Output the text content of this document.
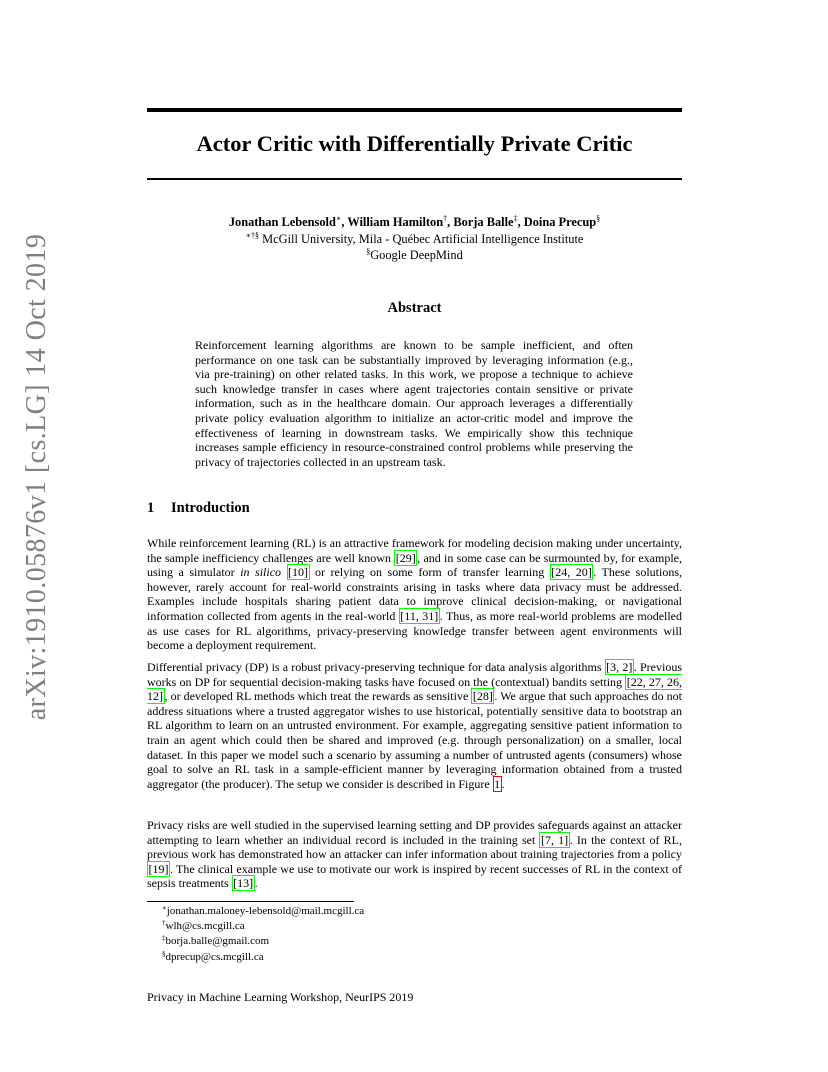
arXiv:1910.05876v1 [cs.LG] 14 Oct 2019
Actor Critic with Differentially Private Critic
Jonathan Lebensold∗, William Hamilton†, Borja Balle‡, Doina Precup§
∗†§ McGill University, Mila - Québec Artificial Intelligence Institute
§Google DeepMind
Abstract
Reinforcement learning algorithms are known to be sample inefficient, and often performance on one task can be substantially improved by leveraging information (e.g., via pre-training) on other related tasks. In this work, we propose a technique to achieve such knowledge transfer in cases where agent trajectories contain sensitive or private information, such as in the healthcare domain. Our approach leverages a differentially private policy evaluation algorithm to initialize an actor-critic model and improve the effectiveness of learning in downstream tasks. We empirically show this technique increases sample efficiency in resource-constrained control problems while preserving the privacy of trajectories collected in an upstream task.
1 Introduction
While reinforcement learning (RL) is an attractive framework for modeling decision making under uncertainty, the sample inefficiency challenges are well known [29] , and in some case can be surmounted by, for example, using a simulator in silico [10] or relying on some form of transfer learning [24, 20] . These solutions, however, rarely account for real-world constraints arising in tasks where data privacy must be addressed. Examples include hospitals sharing patient data to improve clinical decision-making, or navigational information collected from agents in the real-world [11, 31] . Thus, as more real-world problems are modelled as use cases for RL algorithms, privacy-preserving knowledge transfer between agent environments will become a deployment requirement.
Differential privacy (DP) is a robust privacy-preserving technique for data analysis algorithms [3, 2] . Previous works on DP for sequential decision-making tasks have focused on the (contextual) bandits setting [22, 27, 26, 12] , or developed RL methods which treat the rewards as sensitive [28] . We argue that such approaches do not address situations where a trusted aggregator wishes to use historical, potentially sensitive data to bootstrap an RL algorithm to learn on an untrusted environment. For example, aggregating sensitive patient information to train an agent which could then be shared and improved (e.g. through personalization) on a smaller, local dataset. In this paper we model such a scenario by assuming a number of untrusted agents (consumers) whose goal to solve an RL task in a sample-efficient manner by leveraging information obtained from a trusted aggregator (the producer). The setup we consider is described in Figure 1 .
Privacy risks are well studied in the supervised learning setting and DP provides safeguards against an attacker attempting to learn whether an individual record is included in the training set [7, 1] . In the context of RL, previous work has demonstrated how an attacker can infer information about training trajectories from a policy [19] . The clinical example we use to motivate our work is inspired by recent successes of RL in the context of sepsis treatments [13] .
∗jonathan.maloney-lebensold@mail.mcgill.ca
†wlh@cs.mcgill.ca
‡borja.balle@gmail.com
§dprecup@cs.mcgill.ca
Privacy in Machine Learning Workshop, NeurIPS 2019
